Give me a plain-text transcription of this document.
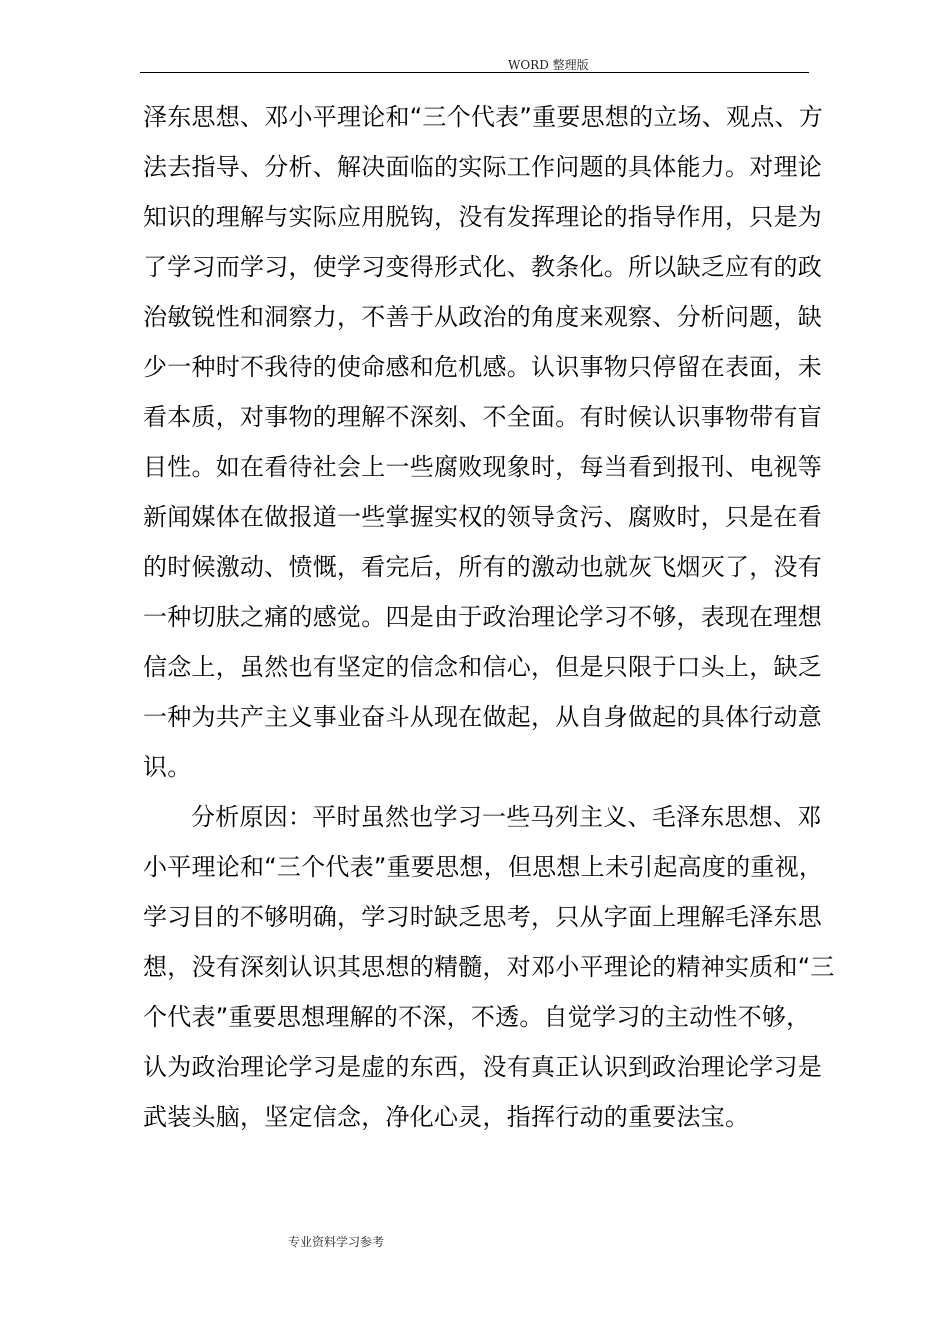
WORD 整理版
泽东思想、邓小平理论和“三个代表”重要思想的立场、观点、方
法去指导、分析、解决面临的实际工作问题的具体能力。对理论
知识的理解与实际应用脱钩，没有发挥理论的指导作用，只是为
了学习而学习，使学习变得形式化、教条化。所以缺乏应有的政
治敏锐性和洞察力，不善于从政治的角度来观察、分析问题，缺
少一种时不我待的使命感和危机感。认识事物只停留在表面，未
看本质，对事物的理解不深刻、不全面。有时候认识事物带有盲
目性。如在看待社会上一些腐败现象时，每当看到报刊、电视等
新闻媒体在做报道一些掌握实权的领导贪污、腐败时，只是在看
的时候激动、愤慨，看完后，所有的激动也就灰飞烟灭了，没有
一种切肤之痛的感觉。四是由于政治理论学习不够，表现在理想
信念上，虽然也有坚定的信念和信心，但是只限于口头上，缺乏
一种为共产主义事业奋斗从现在做起，从自身做起的具体行动意
识。
分析原因：平时虽然也学习一些马列主义、毛泽东思想、邓
小平理论和“三个代表”重要思想，但思想上未引起高度的重视，
学习目的不够明确，学习时缺乏思考，只从字面上理解毛泽东思
想，没有深刻认识其思想的精髓，对邓小平理论的精神实质和“三
个代表”重要思想理解的不深，不透。自觉学习的主动性不够，
认为政治理论学习是虚的东西，没有真正认识到政治理论学习是
武装头脑，坚定信念，净化心灵，指挥行动的重要法宝。
专业资料学习参考
